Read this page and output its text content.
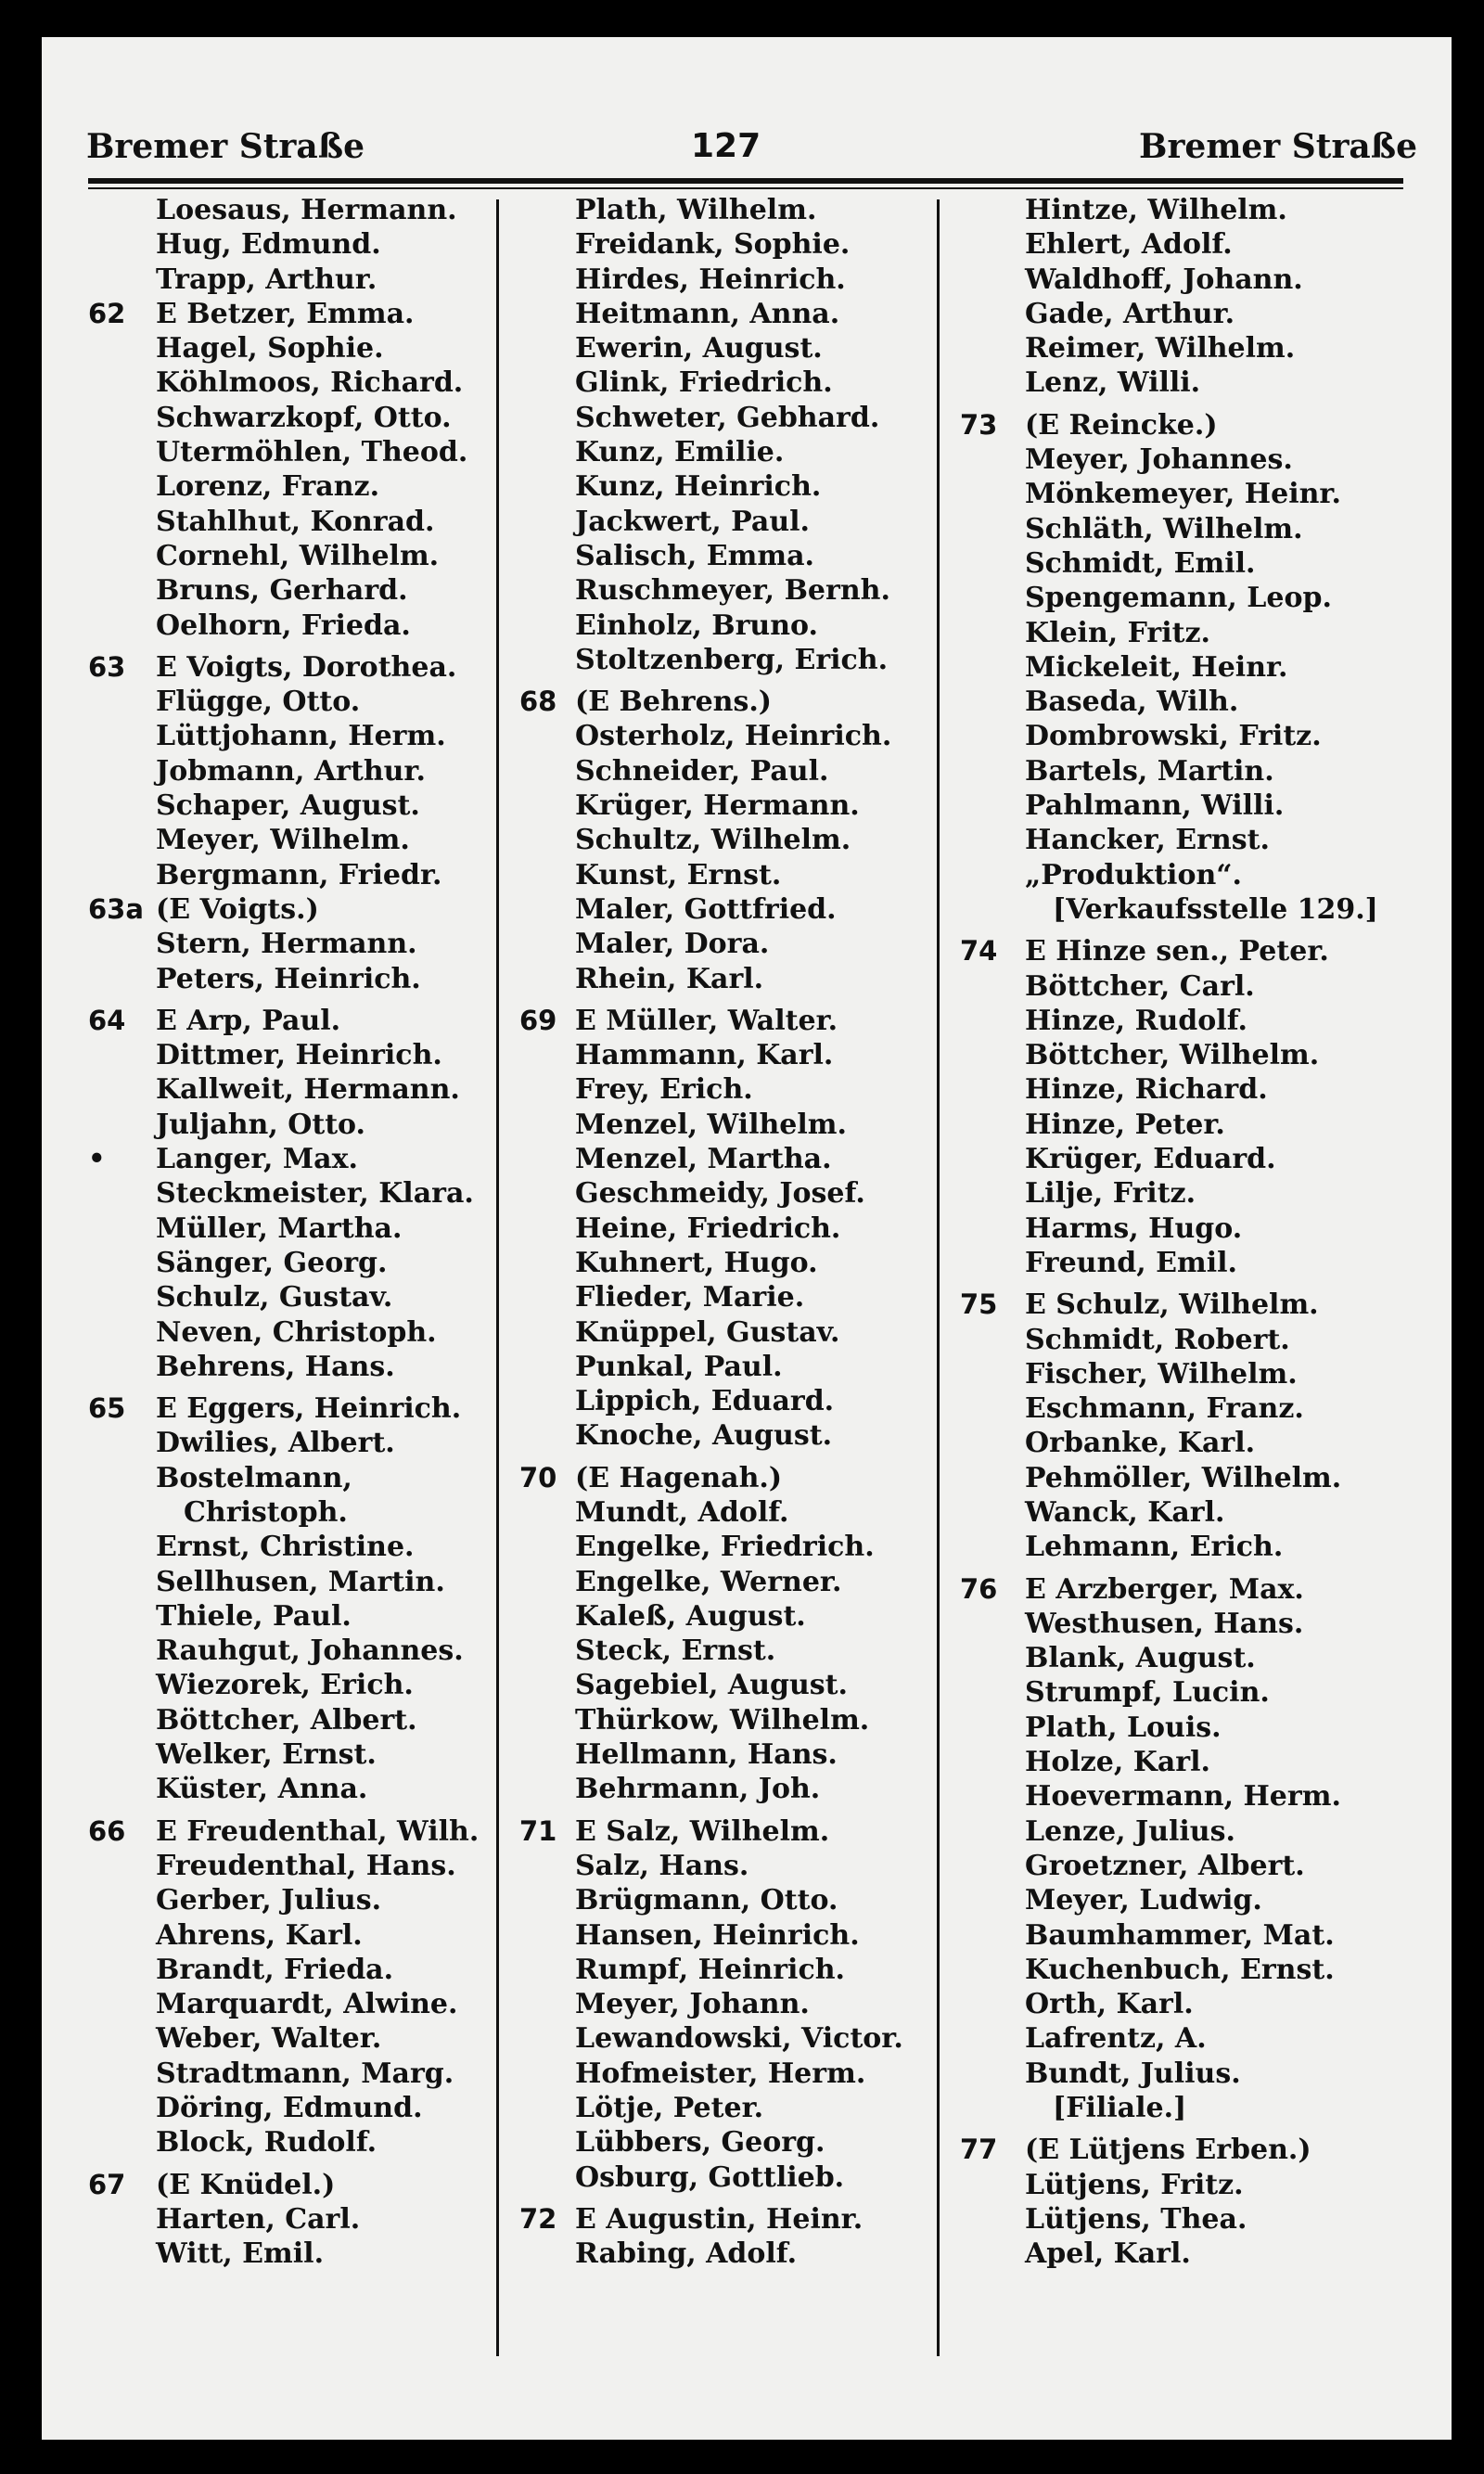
Bremer Straße	127	Bremer Straße
Loesaus, Hermann.
Hug, Edmund.
Trapp, Arthur.
62	E Betzer, Emma.
Hagel, Sophie.
Köhlmoos, Richard.
Schwarzkopf, Otto.
Utermöhlen, Theod.
Lorenz, Franz.
Stahlhut, Konrad.
Cornehl, Wilhelm.
Bruns, Gerhard.
Oelhorn, Frieda.
63	E Voigts, Dorothea.
Flügge, Otto.
Lüttjohann, Herm.
Jobmann, Arthur.
Schaper, August.
Meyer, Wilhelm.
Bergmann, Friedr.
63a (E Voigts.)
Stern, Hermann.
Peters, Heinrich.
64	E Arp, Paul.
Dittmer, Heinrich.
Kallweit, Hermann.
Juljahn, Otto.
•	Langer, Max.
Steckmeister, Klara.
Müller, Martha.
Sänger, Georg.
Schulz, Gustav.
Neven, Christoph.
Behrens, Hans.
65	E Eggers, Heinrich.
Dwilies, Albert.
Bostelmann,
Christoph.
Ernst, Christine.
Sellhusen, Martin.
Thiele, Paul.
Rauhgut, Johannes.
Wiezorek, Erich.
Böttcher, Albert.
Welker, Ernst.
Küster, Anna.
66	E Freudenthal, Wilh.
Freudenthal, Hans.
Gerber, Julius.
Ahrens, Karl.
Brandt, Frieda.
Marquardt, Alwine.
Weber, Walter.
Stradtmann, Marg.
Döring, Edmund.
Block, Rudolf.
67	(E Knüdel.)
Harten, Carl.
Witt, Emil.
Plath, Wilhelm.
Freidank, Sophie.
Hirdes, Heinrich.
Heitmann, Anna.
Ewerin, August.
Glink, Friedrich.
Schweter, Gebhard.
Kunz, Emilie.
Kunz, Heinrich.
Jackwert, Paul.
Salisch, Emma.
Ruschmeyer, Bernh.
Einholz, Bruno.
Stoltzenberg, Erich.
68 (E Behrens.)
Osterholz, Heinrich.
Schneider, Paul.
Krüger, Hermann.
Schultz, Wilhelm.
Kunst, Ernst.
Maler, Gottfried.
Maler, Dora.
Rhein, Karl.
69 E Müller, Walter.
Hammann, Karl.
Frey, Erich.
Menzel, Wilhelm.
Menzel, Martha.
Geschmeidy, Josef.
Heine, Friedrich.
Kuhnert, Hugo.
Flieder, Marie.
Knüppel, Gustav.
Punkal, Paul.
Lippich, Eduard.
Knoche, August.
70 (E Hagenah.)
Mundt, Adolf.
Engelke, Friedrich.
Engelke, Werner.
Kaleß, August.
Steck, Ernst.
Sagebiel, August.
Thürkow, Wilhelm.
Hellmann, Hans.
Behrmann, Joh.
71 E Salz, Wilhelm.
Salz, Hans.
Brügmann, Otto.
Hansen, Heinrich.
Rumpf, Heinrich.
Meyer, Johann.
Lewandowski, Victor.
Hofmeister, Herm.
Lötje, Peter.
Lübbers, Georg.
Osburg, Gottlieb.
72 E Augustin, Heinr.
Rabing, Adolf.
Hintze, Wilhelm.
Ehlert, Adolf.
Waldhoff, Johann.
Gade, Arthur.
Reimer, Wilhelm.
Lenz, Willi.
73 (E Reincke.)
Meyer, Johannes.
Mönkemeyer, Heinr.
Schläth, Wilhelm.
Schmidt, Emil.
Spengemann, Leop.
Klein, Fritz.
Mickeleit, Heinr.
Baseda, Wilh.
Dombrowski, Fritz.
Bartels, Martin.
Pahlmann, Willi.
Hancker, Ernst.
„Produktion“.
[Verkaufsstelle 129.]
74 E Hinze sen., Peter.
Böttcher, Carl.
Hinze, Rudolf.
Böttcher, Wilhelm.
Hinze, Richard.
Hinze, Peter.
Krüger, Eduard.
Lilje, Fritz.
Harms, Hugo.
Freund, Emil.
75 E Schulz, Wilhelm.
Schmidt, Robert.
Fischer, Wilhelm.
Eschmann, Franz.
Orbanke, Karl.
Pehmöller, Wilhelm.
Wanck, Karl.
Lehmann, Erich.
76 E Arzberger, Max.
Westhusen, Hans.
Blank, August.
Strumpf, Lucin.
Plath, Louis.
Holze, Karl.
Hoevermann, Herm.
Lenze, Julius.
Groetzner, Albert.
Meyer, Ludwig.
Baumhammer, Mat.
Kuchenbuch, Ernst.
Orth, Karl.
Lafrentz, A.
Bundt, Julius.
[Filiale.]
77 (E Lütjens Erben.)
Lütjens, Fritz.
Lütjens, Thea.
Apel, Karl.
